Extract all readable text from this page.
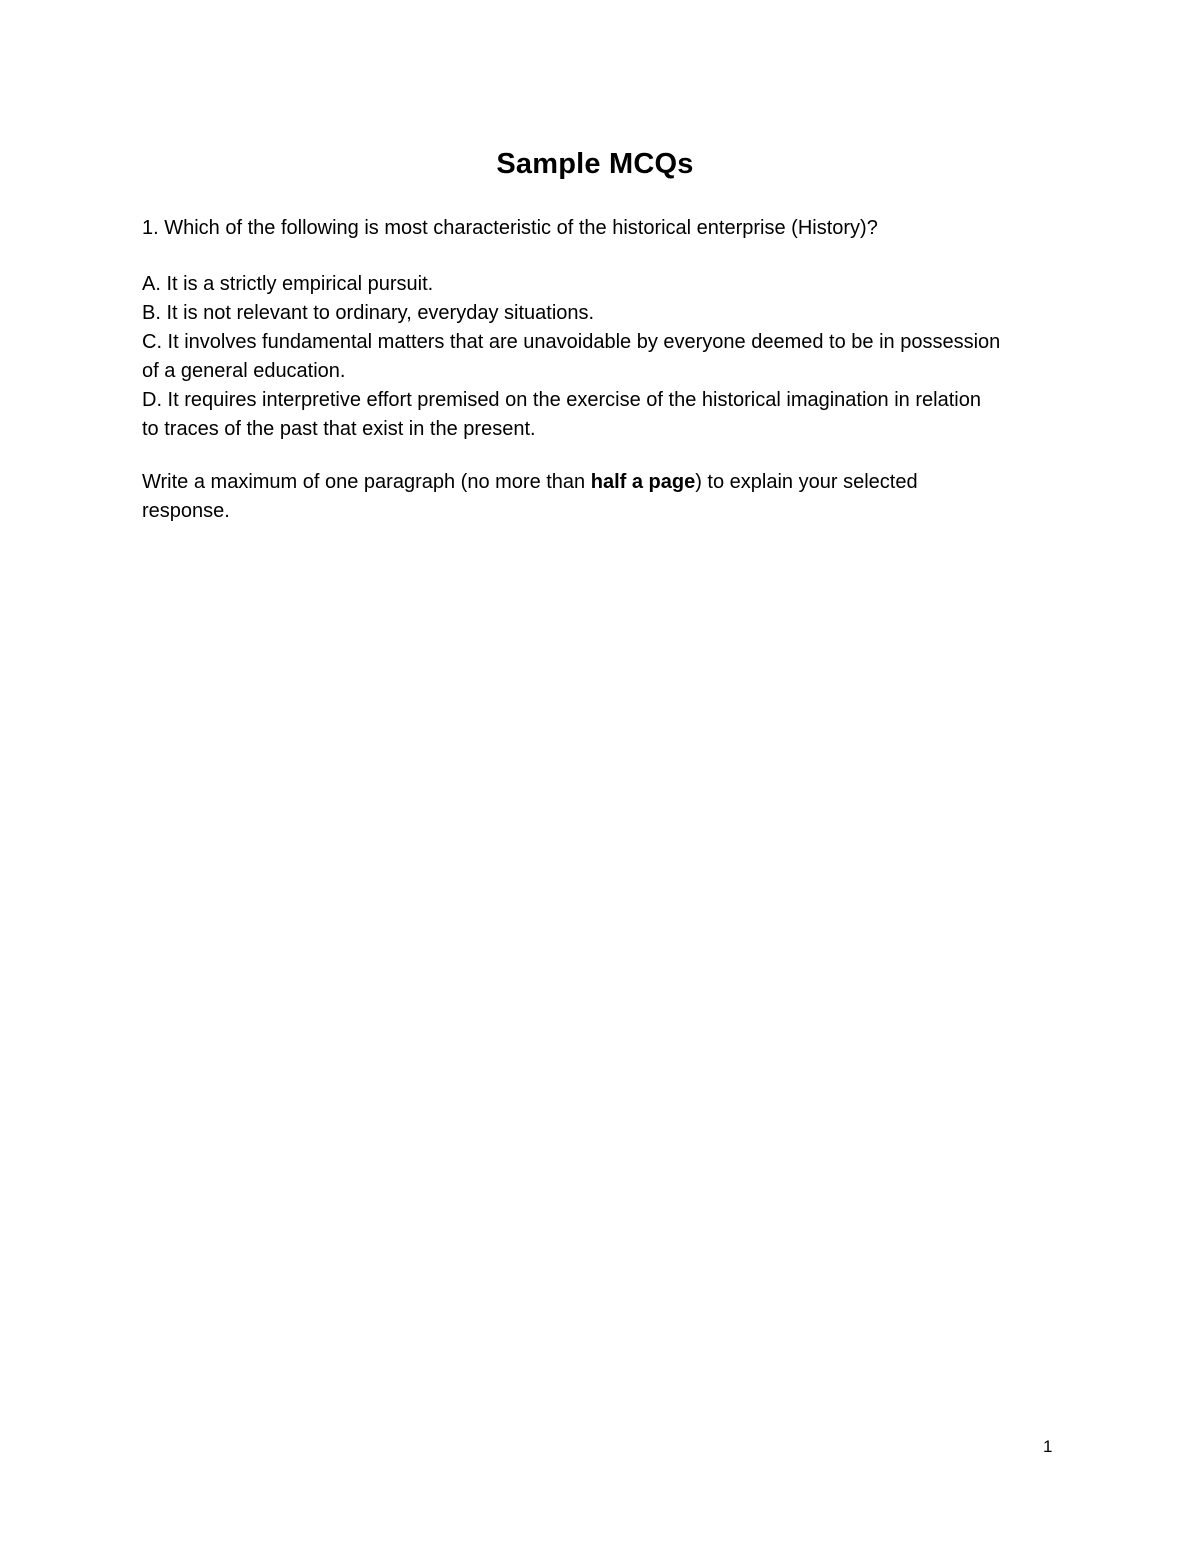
Sample MCQs
1. Which of the following is most characteristic of the historical enterprise (History)?

A. It is a strictly empirical pursuit.

B. It is not relevant to ordinary, everyday situations.

C. It involves fundamental matters that are unavoidable by everyone deemed to be in possession of a general education.

D. It requires interpretive effort premised on the exercise of the historical imagination in relation to traces of the past that exist in the present.

Write a maximum of one paragraph (no more than half a page) to explain your selected response.
1
